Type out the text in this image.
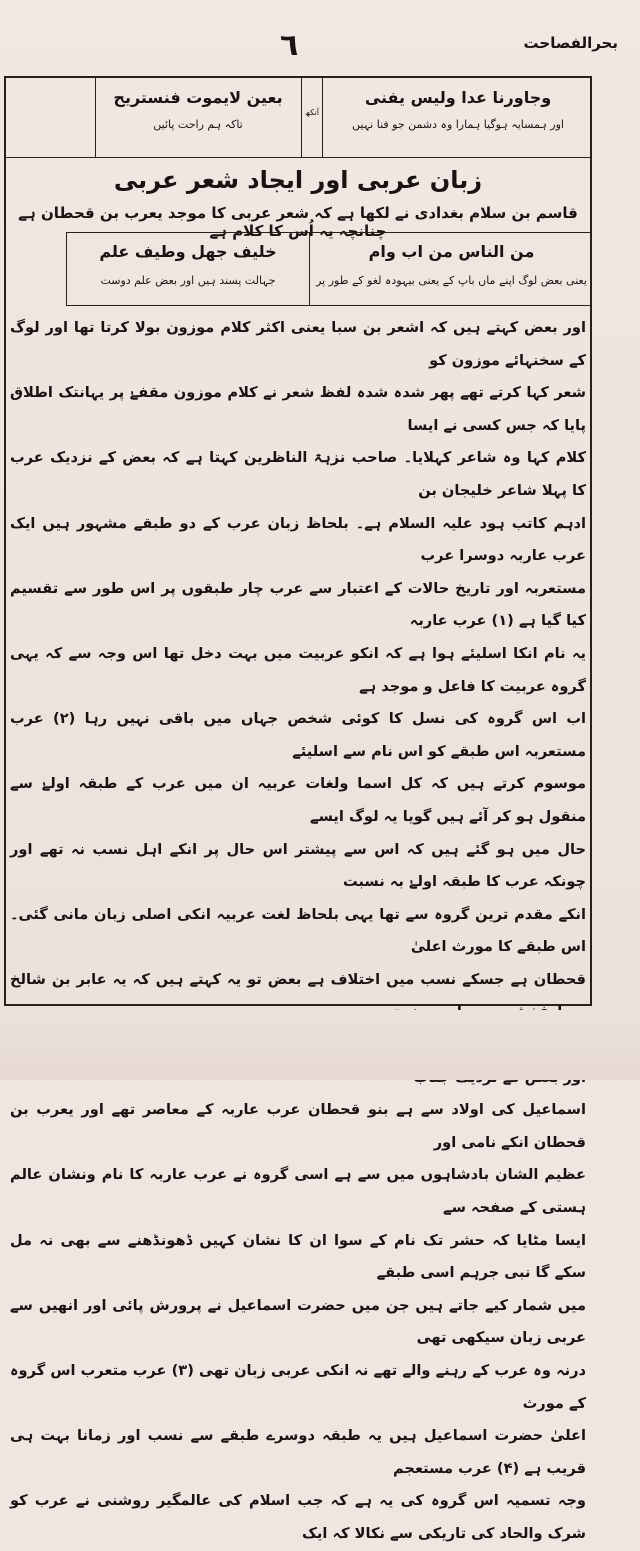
بحرالفصاحت
٦
وجاورنا عدا ولیس یفنی
اور ہمسایہ ہوگیا ہمارا وہ دشمن جو فنا نہیں
آنکھ
بعین لایموت فنستریح
تاکہ ہم راحت پائیں
زبان عربی اور ایجاد شعر عربی
قاسم بن سلام بغدادی نے لکھا ہے کہ شعر عربی کا موجد یعرب بن قحطان ہے چنانچہ یہ اُس کا کلام ہے
من الناس من اب وام
یعنی بعض لوگ اپنے ماں باپ کے یعنی بیہودہ لغو کے طور پر
خلیف جهل وطیف علم
جہالت پسند ہیں اور بعض علم دوست

اور بعض کہتے ہیں کہ اشعر بن سبا یعنی اکثر کلام موزون بولا کرتا تھا اور لوگ کے سخنہائے موزون کو

شعر کہا کرتے تھے پھر شدہ شدہ لفظ شعر نے کلام موزون مقفےٰ پر یہانتک اطلاق پایا کہ جس کسی نے ایسا

کلام کہا وہ شاعر کہلایا۔ صاحب نزہۃ الناظرین کہتا ہے کہ بعض کے نزدیک عرب کا پہلا شاعر خلیجان بن

ادہم کاتب ہود علیہ السلام ہے۔ بلحاظ زبان عرب کے دو طبقے مشہور ہیں ایک عرب عاربہ دوسرا عرب

مستعربہ اور تاریخ حالات کے اعتبار سے عرب چار طبقوں پر اس طور سے تقسیم کیا گیا ہے (۱) عرب عاربہ

یہ نام انکا اسلیئے ہوا ہے کہ انکو عربیت میں بہت دخل تھا اس وجہ سے کہ یہی گروہ عربیت کا فاعل و موجد ہے

اب اس گروہ کی نسل کا کوئی شخص جہاں میں باقی نہیں رہا (۲) عرب مستعربہ اس طبقے کو اس نام سے اسلیئے

موسوم کرتے ہیں کہ کل اسما ولغات عربیہ ان میں عرب کے طبقہ اولےٰ سے منقول ہو کر آئے ہیں گویا یہ لوگ ایسے

حال میں ہو گئے ہیں کہ اس سے پیشتر اس حال پر انکے اہل نسب نہ تھے اور چونکہ عرب کا طبقہ اولےٰ بہ نسبت

انکے مقدم ترین گروہ سے تھا یہی بلحاظ لغت عربیہ انکی اصلی زبان مانی گئی۔ اس طبقے کا مورث اعلیٰ

قحطان ہے جسکے نسب میں اختلاف ہے بعض تو یہ کہتے ہیں کہ یہ عابر بن شالخ

اسماعیل کی اولاد سے ہے بنو قحطان عرب عاربہ کے معاصر تھے اور یعرب بن قحطان انکے نامی اور

عظیم الشان بادشاہوں میں سے ہے اسی گروہ نے عرب عاربہ کا نام ونشان عالم ہستی کے صفحہ سے

ایسا مٹایا کہ حشر تک نام کے سوا ان کا نشان کہیں ڈھونڈھنے سے بھی نہ مل سکے گا نبی جرہم اسی طبقے

میں شمار کیے جاتے ہیں جن میں حضرت اسماعیل نے پرورش پائی اور انھیں سے عربی زبان سیکھی تھی

درنہ وہ عرب کے رہنے والے تھے نہ انکی عربی زبان تھی (۳) عرب متعرب اس گروہ کے مورث

اعلیٰ حضرت اسماعیل ہیں یہ طبقہ دوسرے طبقے سے نسب اور زمانا بہت ہی قریب ہے (۴) عرب مستعجم

وجہ تسمیہ اس گروہ کی یہ ہے کہ جب اسلام کی عالمگیر روشنی نے عرب کو شرک والحاد کی تاریکی سے نکالا کہ ایک
